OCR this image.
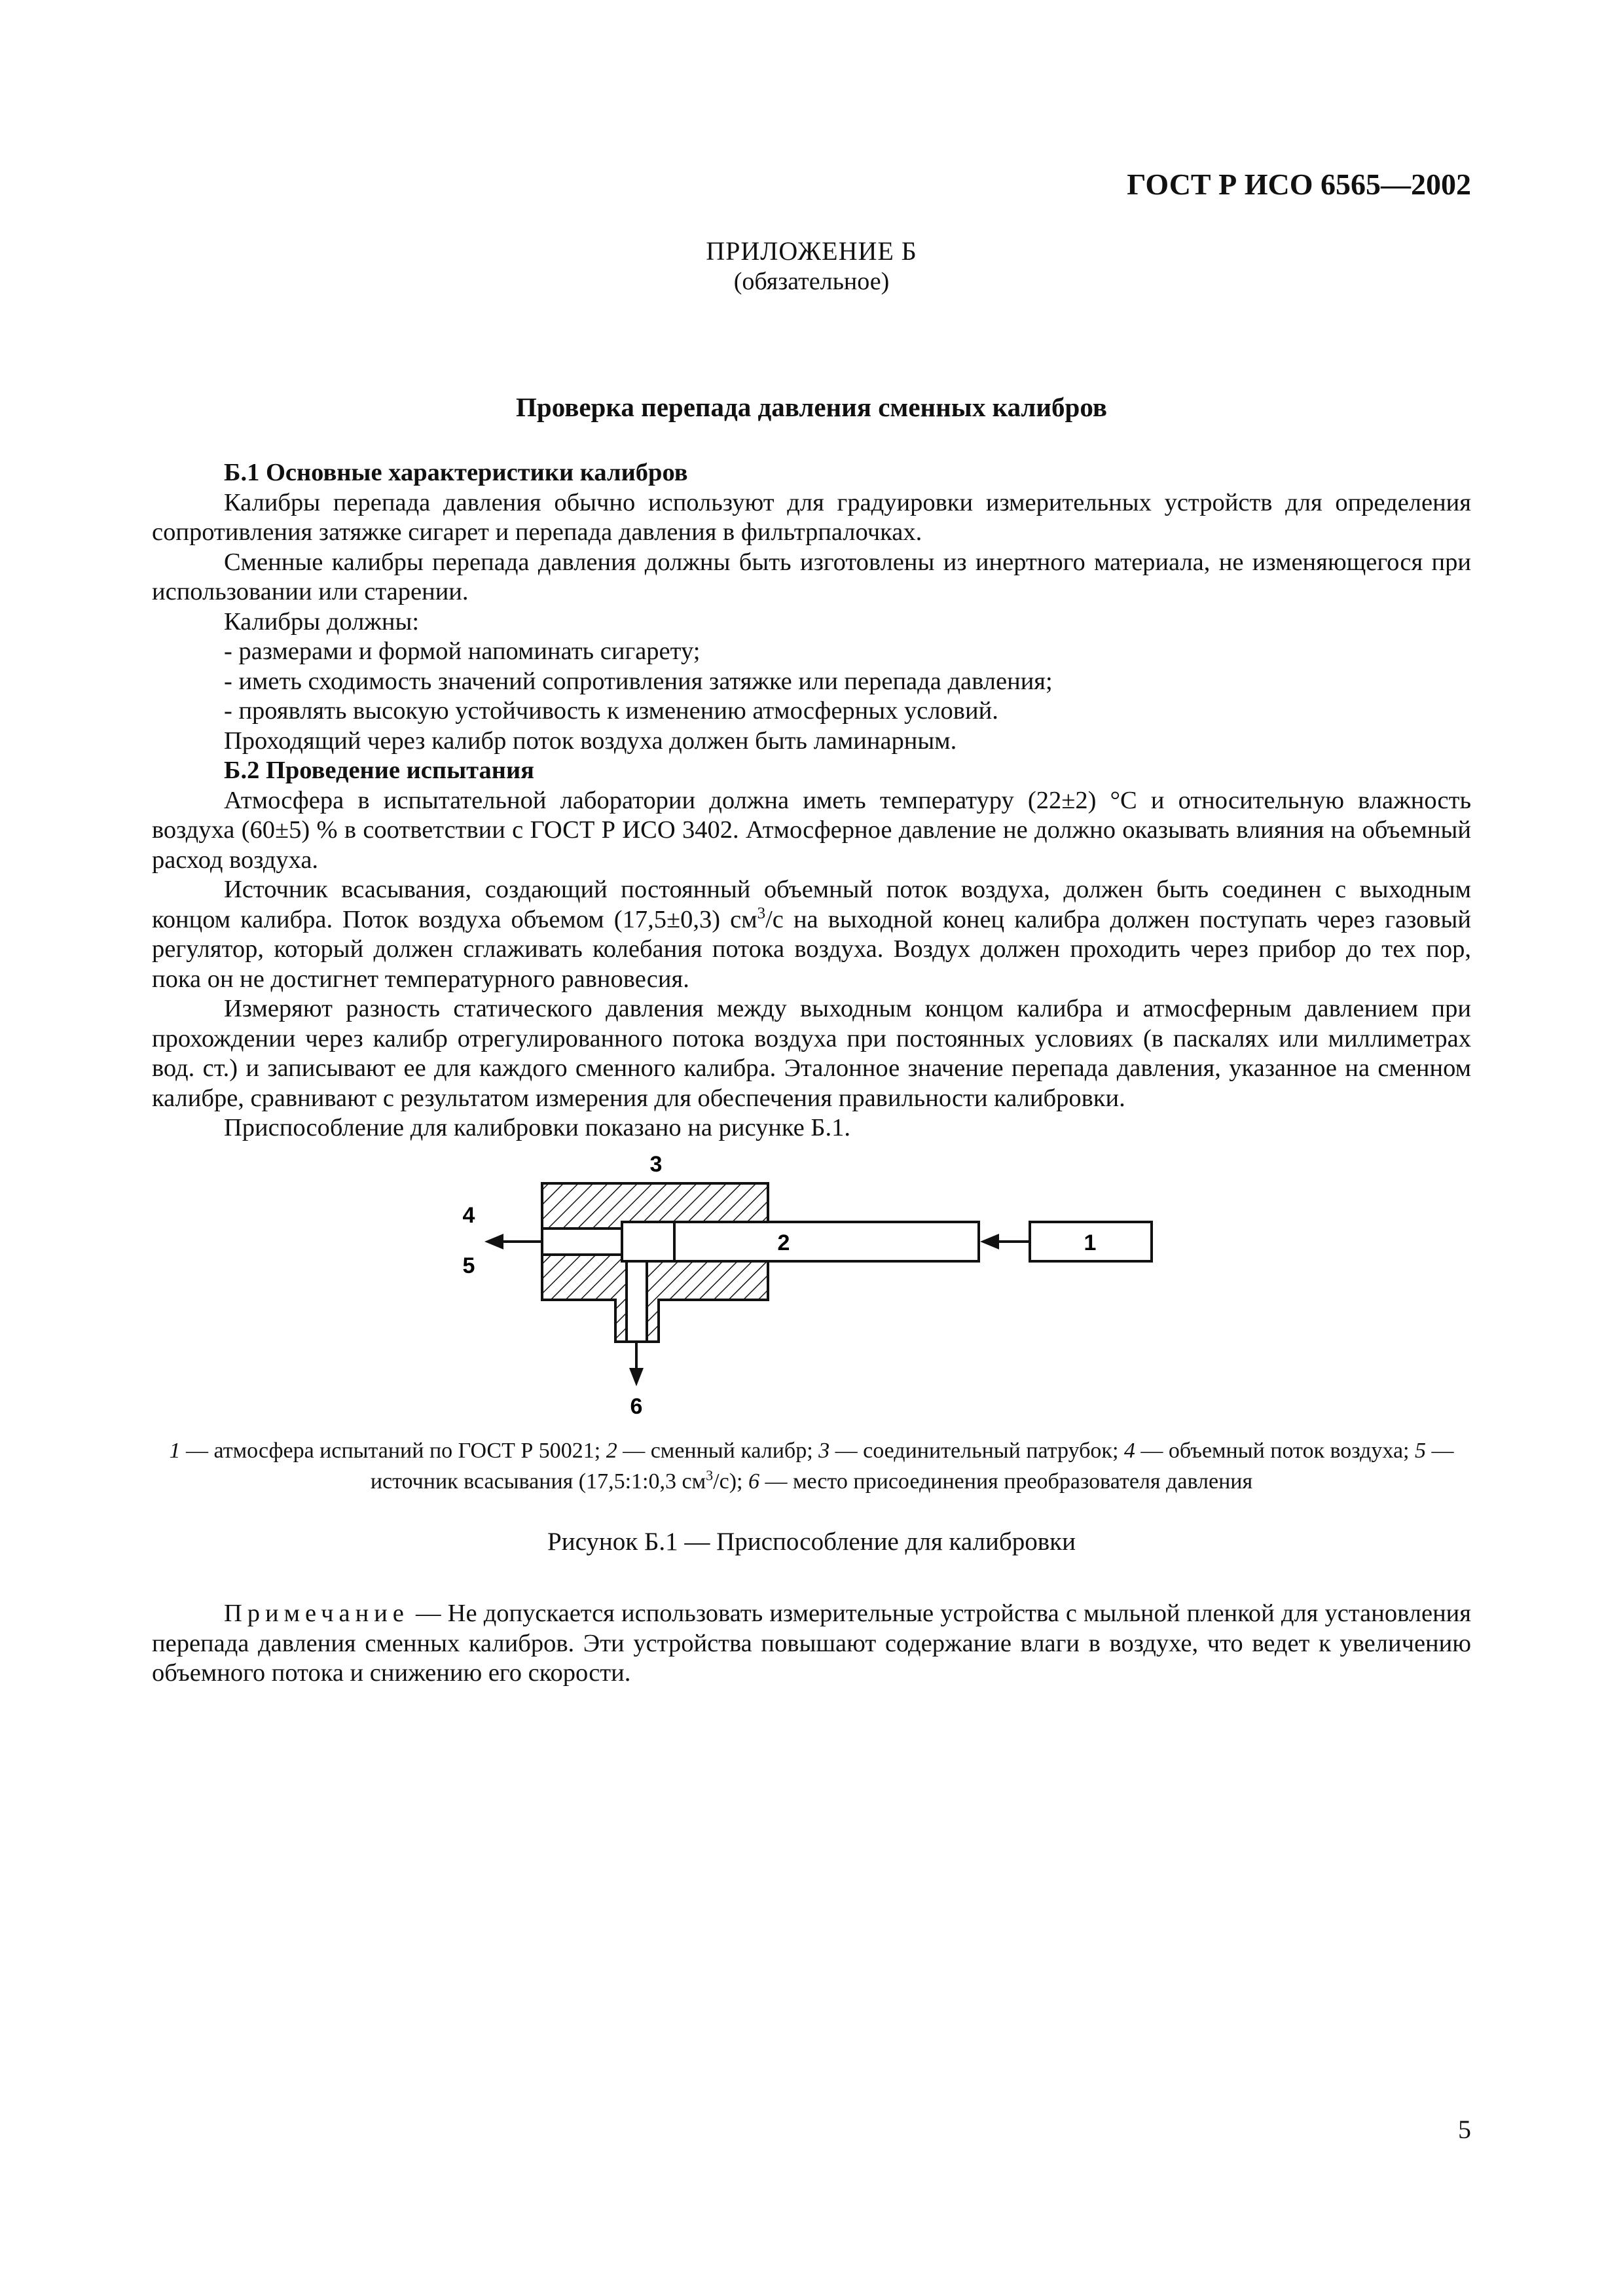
ГОСТ Р ИСО 6565—2002
ПРИЛОЖЕНИЕ Б
(обязательное)
Проверка перепада давления сменных калибров

Б.1 Основные характеристики калибров

Калибры перепада давления обычно используют для градуировки измерительных устройств для определения сопротивления затяжке сигарет и перепада давления в фильтрпалочках.

Сменные калибры перепада давления должны быть изготовлены из инертного материала, не изменяющегося при использовании или старении.

Калибры должны:

- размерами и формой напоминать сигарету;

- иметь сходимость значений сопротивления затяжке или перепада давления;

- проявлять высокую устойчивость к изменению атмосферных условий.

Проходящий через калибр поток воздуха должен быть ламинарным.

Б.2 Проведение испытания

Атмосфера в испытательной лаборатории должна иметь температуру (22±2) °С и относительную влажность воздуха (60±5) % в соответствии с ГОСТ Р ИСО 3402. Атмосферное давление не должно оказывать влияния на объемный расход воздуха.

Источник всасывания, создающий постоянный объемный поток воздуха, должен быть соединен с выходным концом калибра. Поток воздуха объемом (17,5±0,3) $см^3/с$ на выходной конец калибра должен поступать через газовый регулятор, который должен сглаживать колебания потока воздуха. Воздух должен проходить через прибор до тех пор, пока он не достигнет температурного равновесия.

Измеряют разность статического давления между выходным концом калибра и атмосферным давлением при прохождении через калибр отрегулированного потока воздуха при постоянных условиях (в паскалях или миллиметрах вод. ст.) и записывают ее для каждого сменного калибра. Эталонное значение перепада давления, указанное на сменном калибре, сравнивают с результатом измерения для обеспечения правильности калибровки.

Приспособление для калибровки показано на рисунке Б.1.

3
4
5
2	1
6
1 — атмосфера испытаний по ГОСТ Р 50021; 2 — сменный калибр; 3 — соединительный патрубок; 4 — объемный поток воздуха; 5 — источник всасывания (17,5:1:0,3 $см^3/с$); 6 — место присоединения преобразователя давления
Рисунок Б.1 — Приспособление для калибровки

Примечание — Не допускается использовать измерительные устройства с мыльной пленкой для установления перепада давления сменных калибров. Эти устройства повышают содержание влаги в воздухе, что ведет к увеличению объемного потока и снижению его скорости.

5
